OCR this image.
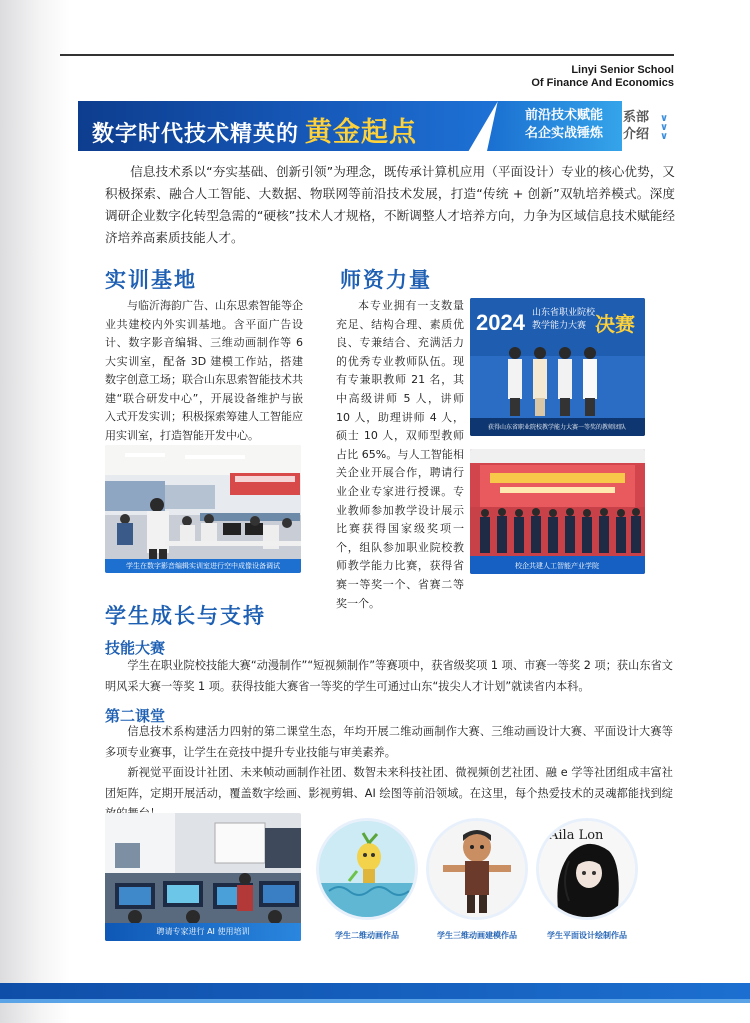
Linyi Senior School
Of Finance And Economics
数字时代技术精英的 黄金起点
前沿技术赋能
名企实战锤炼
系部
介绍
∨
∨
∨

信息技术系以“夯实基础、创新引领”为理念，既传承计算机应用（平面设计）专业的核心优势，又积极探索、融合人工智能、大数据、物联网等前沿技术发展，打造“传统 + 创新”双轨培养模式。深度调研企业数字化转型急需的“硬核”技术人才规格，不断调整人才培养方向，力争为区域信息技术赋能经济培养高素质技能人才。

实训基地

与临沂海韵广告、山东思索智能等企业共建校内外实训基地。含平面广告设计、数字影音编辑、三维动画制作等 6 大实训室，配备 3D 建模工作站，搭建数字创意工场；联合山东思索智能技术共建“联合研发中心”，开展设备维护与嵌入式开发实训；积极探索筹建人工智能应用实训室，打造智能开发中心。

学生在数字影音编辑实训室进行空中成像设备调试
师资力量

本专业拥有一支数量充足、结构合理、素质优良、专兼结合、充满活力的优秀专业教师队伍。现有专兼职教师 21 名，其中高级讲师 5 人，讲师 10 人，助理讲师 4 人，硕士 10 人，双师型教师占比 65%。与人工智能相关企业开展合作，聘请行业企业专家进行授课。专业教师参加教学设计展示比赛获得国家级奖项一个，组队参加职业院校教师教学能力比赛，获得省赛一等奖一个、省赛二等奖一个。

2024 山东省职业院校
教学能力大赛 决赛
获得山东省职业院校教学能力大赛一等奖的教师团队
校企共建人工智能产业学院
学生成长与支持
技能大赛

学生在职业院校技能大赛“动漫制作”“短视频制作”等赛项中，获省级奖项 1 项、市赛一等奖 2 项；获山东省文明风采大赛一等奖 1 项。获得技能大赛省一等奖的学生可通过山东“拔尖人才计划”就读省内本科。

第二课堂

信息技术系构建活力四射的第二课堂生态，年均开展二维动画制作大赛、三维动画设计大赛、平面设计大赛等多项专业赛事，让学生在竞技中提升专业技能与审美素养。

新视觉平面设计社团、未来帧动画制作社团、数智未来科技社团、微视频创艺社团、融 e 学等社团组成丰富社团矩阵，定期开展活动，覆盖数字绘画、影视剪辑、AI 绘图等前沿领域。在这里，每个热爱技术的灵魂都能找到绽

聘请专家进行 AI 使用培训	学生二维动画作品	学生三维动画建模作品
Aila Lon
学生平面设计绘制作品
